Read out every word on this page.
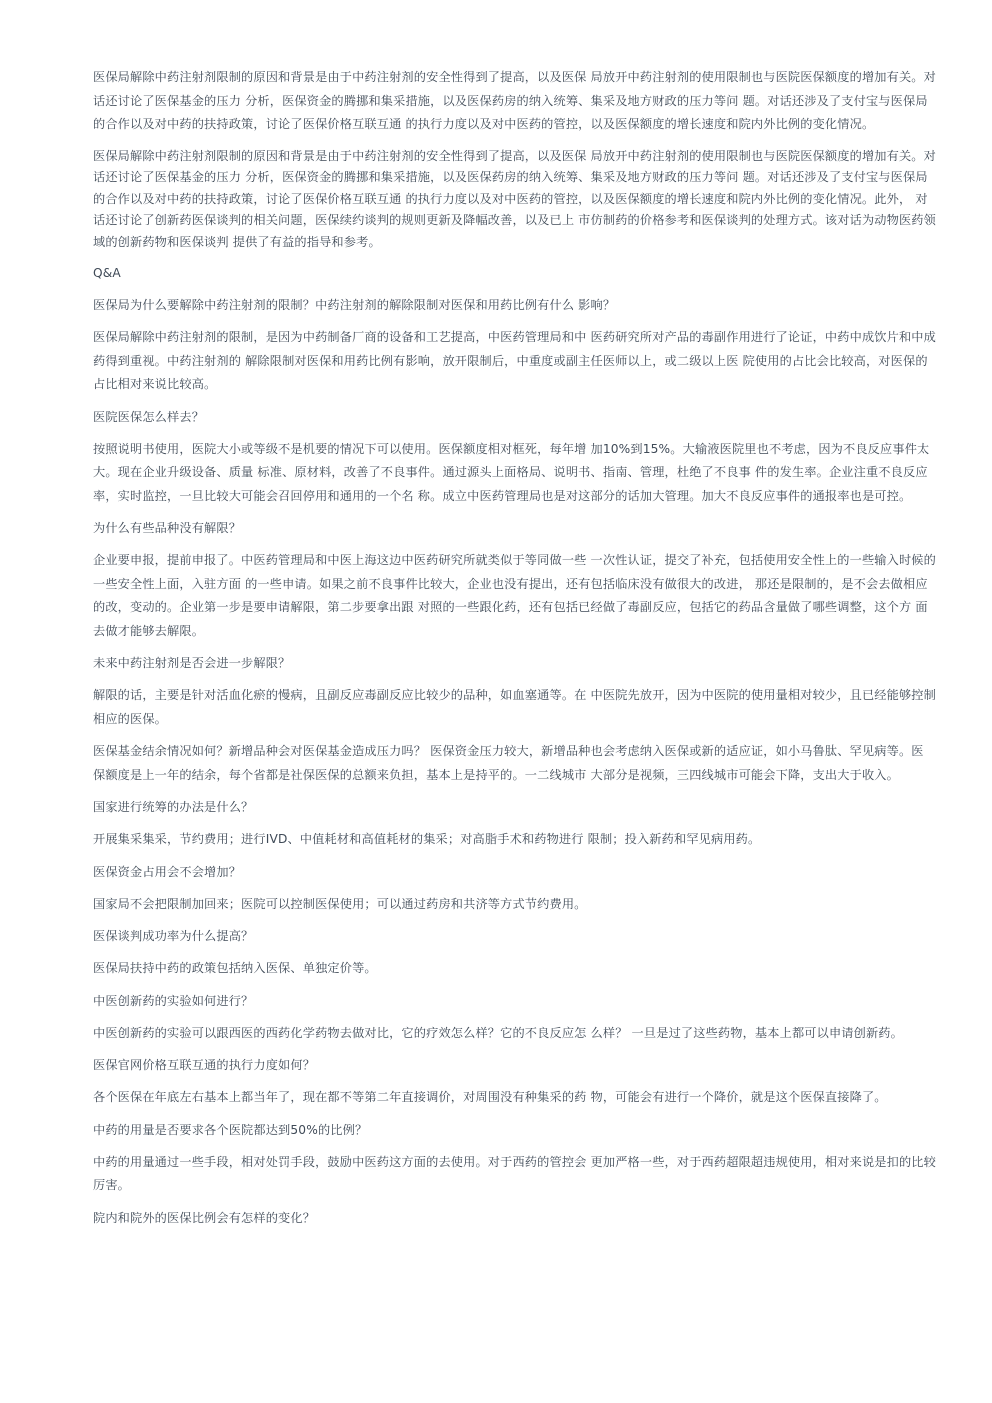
医保局解除中药注射剂限制的原因和背景是由于中药注射剂的安全性得到了提高，以及医保 局放开中药注射剂的使用限制也与医院医保额度的增加有关。对话还讨论了医保基金的压力 分析，医保资金的腾挪和集采措施，以及医保药房的纳入统筹、集采及地方财政的压力等问 题。对话还涉及了支付宝与医保局的合作以及对中药的扶持政策，讨论了医保价格互联互通 的执行力度以及对中医药的管控，以及医保额度的增长速度和院内外比例的变化情况。

医保局解除中药注射剂限制的原因和背景是由于中药注射剂的安全性得到了提高，以及医保 局放开中药注射剂的使用限制也与医院医保额度的增加有关。对话还讨论了医保基金的压力 分析，医保资金的腾挪和集采措施，以及医保药房的纳入统筹、集采及地方财政的压力等问 题。对话还涉及了支付宝与医保局的合作以及对中药的扶持政策，讨论了医保价格互联互通 的执行力度以及对中医药的管控，以及医保额度的增长速度和院内外比例的变化情况。此外， 对话还讨论了创新药医保谈判的相关问题，医保续约谈判的规则更新及降幅改善，以及已上 市仿制药的价格参考和医保谈判的处理方式。该对话为动物医药领域的创新药物和医保谈判 提供了有益的指导和参考。

Q&A

医保局为什么要解除中药注射剂的限制？中药注射剂的解除限制对医保和用药比例有什么 影响？

医保局解除中药注射剂的限制，是因为中药制备厂商的设备和工艺提高，中医药管理局和中 医药研究所对产品的毒副作用进行了论证，中药中成饮片和中成药得到重视。中药注射剂的 解除限制对医保和用药比例有影响，放开限制后，中重度或副主任医师以上，或二级以上医 院使用的占比会比较高，对医保的占比相对来说比较高。

医院医保怎么样去？

按照说明书使用，医院大小或等级不是机要的情况下可以使用。医保额度相对框死，每年增 加10%到15%。大输液医院里也不考虑，因为不良反应事件太大。现在企业升级设备、质量 标准、原材料，改善了不良事件。通过源头上面格局、说明书、指南、管理，杜绝了不良事 件的发生率。企业注重不良反应率，实时监控，一旦比较大可能会召回停用和通用的一个名 称。成立中医药管理局也是对这部分的话加大管理。加大不良反应事件的通报率也是可控。

为什么有些品种没有解限？

企业要申报，提前申报了。中医药管理局和中医上海这边中医药研究所就类似于等同做一些 一次性认证，提交了补充，包括使用安全性上的一些输入时候的一些安全性上面，入驻方面 的一些申请。如果之前不良事件比较大，企业也没有提出，还有包括临床没有做很大的改进， 那还是限制的，是不会去做相应的改，变动的。企业第一步是要申请解限，第二步要拿出跟 对照的一些跟化药，还有包括已经做了毒副反应，包括它的药品含量做了哪些调整，这个方 面去做才能够去解限。

未来中药注射剂是否会进一步解限？

解限的话，主要是针对活血化瘀的慢病，且副反应毒副反应比较少的品种，如血塞通等。在 中医院先放开，因为中医院的使用量相对较少，且已经能够控制相应的医保。

医保基金结余情况如何？新增品种会对医保基金造成压力吗？ 医保资金压力较大，新增品种也会考虑纳入医保或新的适应证，如小马鲁肽、罕见病等。医 保额度是上一年的结余，每个省都是社保医保的总额来负担，基本上是持平的。一二线城市 大部分是视频，三四线城市可能会下降，支出大于收入。

国家进行统筹的办法是什么？

开展集采集采，节约费用；进行IVD、中值耗材和高值耗材的集采；对高脂手术和药物进行 限制；投入新药和罕见病用药。

医保资金占用会不会增加？

国家局不会把限制加回来；医院可以控制医保使用；可以通过药房和共济等方式节约费用。

医保谈判成功率为什么提高？

医保局扶持中药的政策包括纳入医保、单独定价等。

中医创新药的实验如何进行？

中医创新药的实验可以跟西医的西药化学药物去做对比，它的疗效怎么样？它的不良反应怎 么样？ 一旦是过了这些药物，基本上都可以申请创新药。

医保官网价格互联互通的执行力度如何？

各个医保在年底左右基本上都当年了，现在都不等第二年直接调价，对周围没有种集采的药 物，可能会有进行一个降价，就是这个医保直接降了。

中药的用量是否要求各个医院都达到50%的比例？

中药的用量通过一些手段，相对处罚手段，鼓励中医药这方面的去使用。对于西药的管控会 更加严格一些，对于西药超限超违规使用，相对来说是扣的比较厉害。

院内和院外的医保比例会有怎样的变化？
